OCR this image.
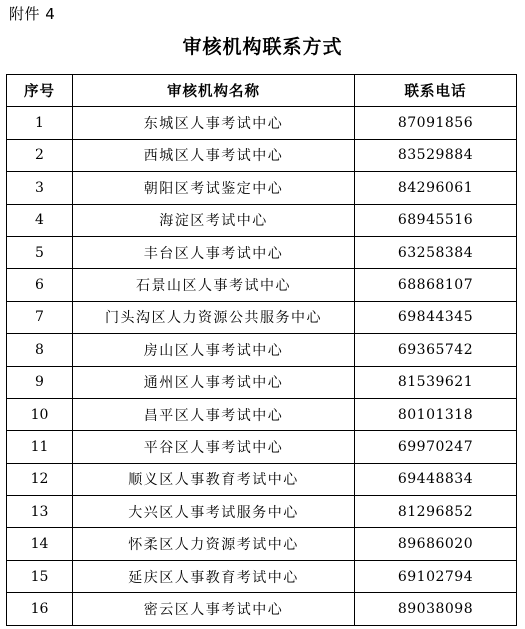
附件 4
审核机构联系方式
序号	审核机构名称	联系电话
1	东城区人事考试中心	87091856
2	西城区人事考试中心	83529884
3	朝阳区考试鉴定中心	84296061
4	海淀区考试中心	68945516
5	丰台区人事考试中心	63258384
6	石景山区人事考试中心	68868107
7	门头沟区人力资源公共服务中心	69844345
8	房山区人事考试中心	69365742
9	通州区人事考试中心	81539621
10	昌平区人事考试中心	80101318
11	平谷区人事考试中心	69970247
12	顺义区人事教育考试中心	69448834
13	大兴区人事考试服务中心	81296852
14	怀柔区人力资源考试中心	89686020
15	延庆区人事教育考试中心	69102794
16	密云区人事考试中心	89038098
